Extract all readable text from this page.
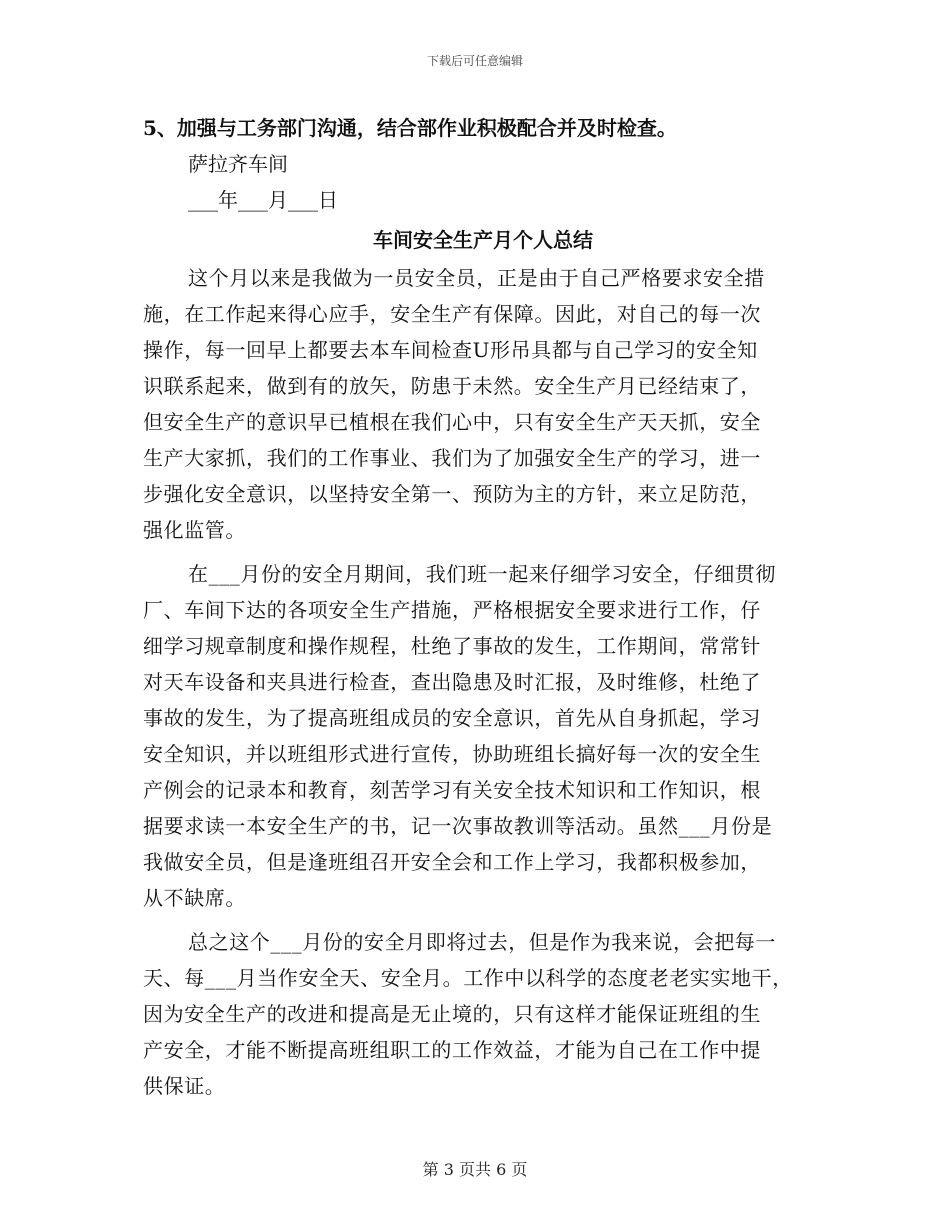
下载后可任意编辑
5、加强与工务部门沟通，结合部作业积极配合并及时检查。
萨拉齐车间
___年___月___日
车间安全生产月个人总结
这个月以来是我做为一员安全员，正是由于自己严格要求安全措
施，在工作起来得心应手，安全生产有保障。因此，对自己的每一次
操作，每一回早上都要去本车间检查U形吊具都与自己学习的安全知
识联系起来，做到有的放矢，防患于未然。安全生产月已经结束了，
但安全生产的意识早已植根在我们心中，只有安全生产天天抓，安全
生产大家抓，我们的工作事业、我们为了加强安全生产的学习，进一
步强化安全意识，以坚持安全第一、预防为主的方针，来立足防范，
强化监管。
在___月份的安全月期间，我们班一起来仔细学习安全，仔细贯彻
厂、车间下达的各项安全生产措施，严格根据安全要求进行工作，仔
细学习规章制度和操作规程，杜绝了事故的发生，工作期间，常常针
对天车设备和夹具进行检查，查出隐患及时汇报，及时维修，杜绝了
事故的发生，为了提高班组成员的安全意识，首先从自身抓起，学习
安全知识，并以班组形式进行宣传，协助班组长搞好每一次的安全生
产例会的记录本和教育，刻苦学习有关安全技术知识和工作知识，根
据要求读一本安全生产的书，记一次事故教训等活动。虽然___月份是
我做安全员，但是逢班组召开安全会和工作上学习，我都积极参加，
从不缺席。
总之这个___月份的安全月即将过去，但是作为我来说，会把每一
天、每___月当作安全天、安全月。工作中以科学的态度老老实实地干，
因为安全生产的改进和提高是无止境的，只有这样才能保证班组的生
产安全，才能不断提高班组职工的工作效益，才能为自己在工作中提
供保证。
第 3 页共 6 页
